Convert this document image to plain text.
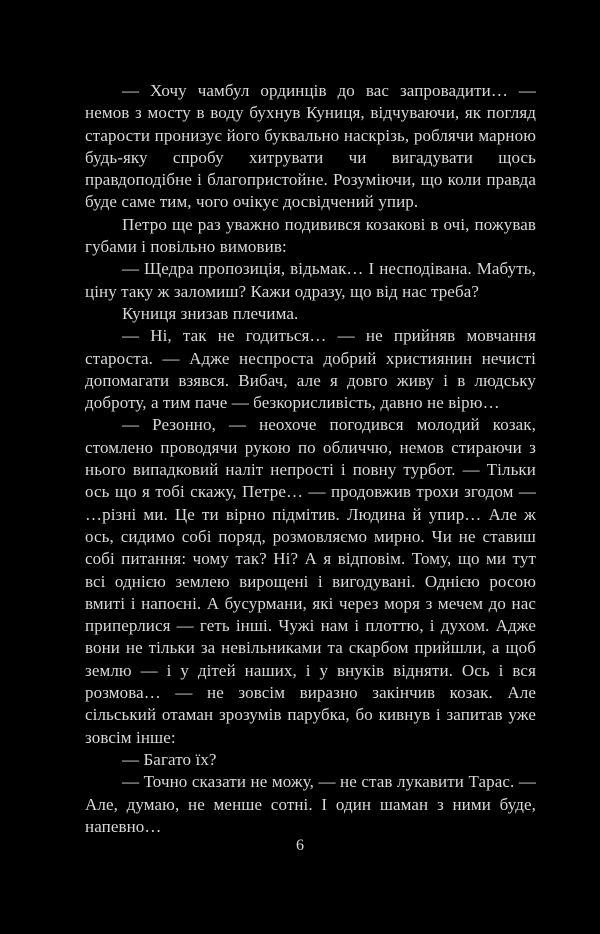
— Хочу чамбул ординців до вас запровадити… — немов з мосту в воду бухнув Куниця, відчуваючи, як погляд старости пронизує його буквально наскрізь, роблячи марною будь-яку спробу хитрувати чи вигадувати щось правдоподібне і благопристойне. Розуміючи, що коли правда буде саме тим, чого очікує досвідчений упир.

Петро ще раз уважно подивився козакові в очі, пожував губами і повільно вимовив:

— Щедра пропозиція, відьмак… І несподівана. Мабуть, ціну таку ж заломиш? Кажи одразу, що від нас треба?

Куниця знизав плечима.

— Ні, так не годиться… — не прийняв мовчання староста. — Адже неспроста добрий християнин нечисті допомагати взявся. Вибач, але я довго живу і в людську доброту, а тим паче — безкорисливість, давно не вірю…

— Резонно, — неохоче погодився молодий козак, стомлено проводячи рукою по обличчю, немов стираючи з нього випадковий наліт непрості і повну турбот. — Тільки ось що я тобі скажу, Петре… — продовжив трохи згодом — …різні ми. Це ти вірно підмітив. Людина й упир… Але ж ось, сидимо собі поряд, розмовляємо мирно. Чи не ставиш собі питання: чому так? Ні? А я відповім. Тому, що ми тут всі однією землею вирощені і вигодувані. Однією росою вмиті і напоєні. А бусурмани, які через моря з мечем до нас приперлися — геть інші. Чужі нам і плоттю, і духом. Адже вони не тільки за невільниками та скарбом прийшли, а щоб землю — і у дітей наших, і у внуків відняти. Ось і вся розмова… — не зовсім виразно закінчив козак. Але сільський отаман зрозумів парубка, бо кивнув і запитав уже зовсім інше:

— Багато їх?

— Точно сказати не можу, — не став лукавити Тарас. — Але, думаю, не менше сотні. І один шаман з ними буде, напевно…

6
